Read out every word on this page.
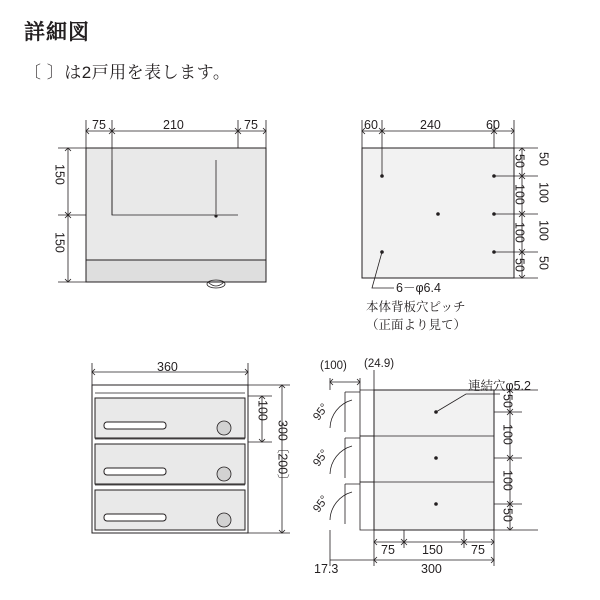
詳細図
〔 〕は2戸用を表します。
75	210	75
150
150
60	240	60
50
100
100
50
50
100
100
50
6－φ6.4
本体背板穴ピッチ
（正面より見て）
360
100
300〔200〕
(100) (24.9)
95°
95°
95°
連結穴φ5.2
50
100
100
50
75 150 75
300
17.3
